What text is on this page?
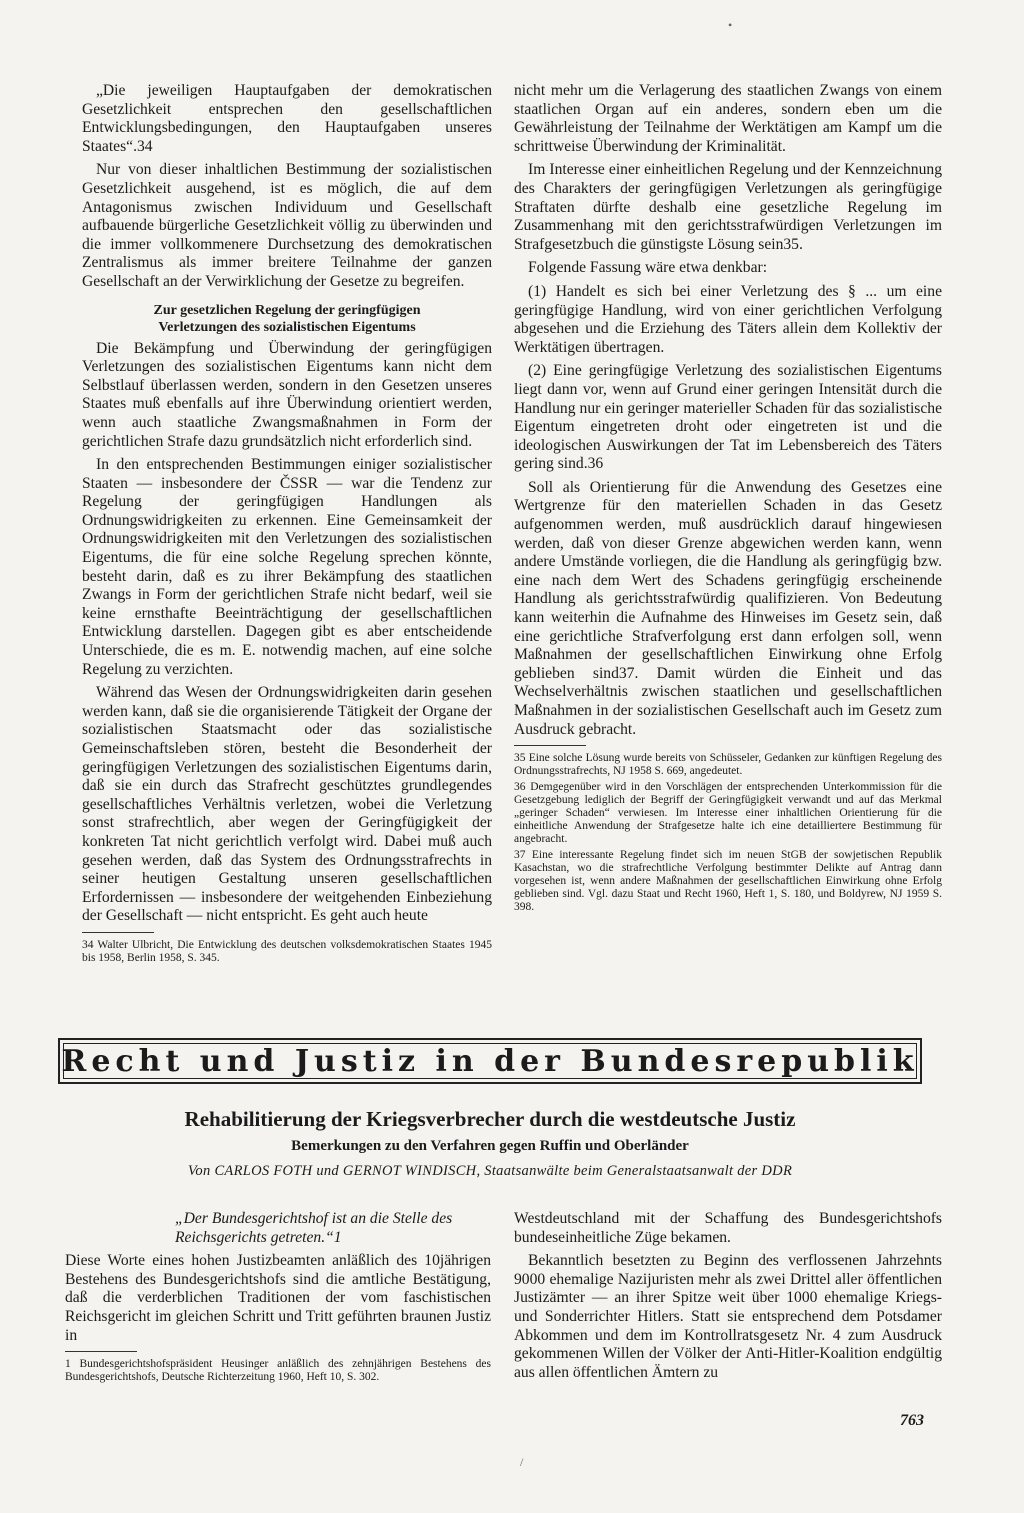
•

„Die jeweiligen Hauptaufgaben der demokratischen Gesetzlichkeit entsprechen den gesellschaftlichen Entwicklungsbedingungen, den Hauptaufgaben unseres Staates“.34

Nur von dieser inhaltlichen Bestimmung der sozialistischen Gesetzlichkeit ausgehend, ist es möglich, die auf dem Antagonismus zwischen Individuum und Gesellschaft aufbauende bürgerliche Gesetzlichkeit völlig zu überwinden und die immer vollkommenere Durchsetzung des demokratischen Zentralismus als immer breitere Teilnahme der ganzen Gesellschaft an der Verwirklichung der Gesetze zu begreifen.

Zur gesetzlichen Regelung der geringfügigen
Verletzungen des sozialistischen Eigentums

Die Bekämpfung und Überwindung der geringfügigen Verletzungen des sozialistischen Eigentums kann nicht dem Selbstlauf überlassen werden, sondern in den Gesetzen unseres Staates muß ebenfalls auf ihre Überwindung orientiert werden, wenn auch staatliche Zwangsmaßnahmen in Form der gerichtlichen Strafe dazu grundsätzlich nicht erforderlich sind.

In den entsprechenden Bestimmungen einiger sozialistischer Staaten — insbesondere der ČSSR — war die Tendenz zur Regelung der geringfügigen Handlungen als Ordnungswidrigkeiten zu erkennen. Eine Gemeinsamkeit der Ordnungswidrigkeiten mit den Verletzungen des sozialistischen Eigentums, die für eine solche Regelung sprechen könnte, besteht darin, daß es zu ihrer Bekämpfung des staatlichen Zwangs in Form der gerichtlichen Strafe nicht bedarf, weil sie keine ernsthafte Beeinträchtigung der gesellschaftlichen Entwicklung darstellen. Dagegen gibt es aber entscheidende Unterschiede, die es m. E. notwendig machen, auf eine solche Regelung zu verzichten.

Während das Wesen der Ordnungswidrigkeiten darin gesehen werden kann, daß sie die organisierende Tätigkeit der Organe der sozialistischen Staatsmacht oder das sozialistische Gemeinschaftsleben stören, besteht die Besonderheit der geringfügigen Verletzungen des sozialistischen Eigentums darin, daß sie ein durch das Strafrecht geschütztes grundlegendes gesellschaftliches Verhältnis verletzen, wobei die Verletzung sonst strafrechtlich, aber wegen der Geringfügigkeit der konkreten Tat nicht gerichtlich verfolgt wird. Dabei muß auch gesehen werden, daß das System des Ordnungsstrafrechts in seiner heutigen Gestaltung unseren gesellschaftlichen Erfordernissen — insbesondere der weitgehenden Einbeziehung der Gesellschaft — nicht entspricht. Es geht auch heute

34 Walter Ulbricht, Die Entwicklung des deutschen volksdemokratischen Staates 1945 bis 1958, Berlin 1958, S. 345.

nicht mehr um die Verlagerung des staatlichen Zwangs von einem staatlichen Organ auf ein anderes, sondern eben um die Gewährleistung der Teilnahme der Werktätigen am Kampf um die schrittweise Überwindung der Kriminalität.

Im Interesse einer einheitlichen Regelung und der Kennzeichnung des Charakters der geringfügigen Verletzungen als geringfügige Straftaten dürfte deshalb eine gesetzliche Regelung im Zusammenhang mit den gerichtsstrafwürdigen Verletzungen im Strafgesetzbuch die günstigste Lösung sein35.

Folgende Fassung wäre etwa denkbar:

(1) Handelt es sich bei einer Verletzung des § ... um eine geringfügige Handlung, wird von einer gerichtlichen Verfolgung abgesehen und die Erziehung des Täters allein dem Kollektiv der Werktätigen übertragen.

(2) Eine geringfügige Verletzung des sozialistischen Eigentums liegt dann vor, wenn auf Grund einer geringen Intensität durch die Handlung nur ein geringer materieller Schaden für das sozialistische Eigentum eingetreten droht oder eingetreten ist und die ideologischen Auswirkungen der Tat im Lebensbereich des Täters gering sind.36

Soll als Orientierung für die Anwendung des Gesetzes eine Wertgrenze für den materiellen Schaden in das Gesetz aufgenommen werden, muß ausdrücklich darauf hingewiesen werden, daß von dieser Grenze abgewichen werden kann, wenn andere Umstände vorliegen, die die Handlung als geringfügig bzw. eine nach dem Wert des Schadens geringfügig erscheinende Handlung als gerichtsstrafwürdig qualifizieren. Von Bedeutung kann weiterhin die Aufnahme des Hinweises im Gesetz sein, daß eine gerichtliche Strafverfolgung erst dann erfolgen soll, wenn Maßnahmen der gesellschaftlichen Einwirkung ohne Erfolg geblieben sind37. Damit würden die Einheit und das Wechselverhältnis zwischen staatlichen und gesellschaftlichen Maßnahmen in der sozialistischen Gesellschaft auch im Gesetz zum Ausdruck gebracht.

35 Eine solche Lösung wurde bereits von Schüsseler, Gedanken zur künftigen Regelung des Ordnungsstrafrechts, NJ 1958 S. 669, angedeutet.

36 Demgegenüber wird in den Vorschlägen der entsprechenden Unterkommission für die Gesetzgebung lediglich der Begriff der Geringfügigkeit verwandt und auf das Merkmal „geringer Schaden“ verwiesen. Im Interesse einer inhaltlichen Orientierung für die einheitliche Anwendung der Strafgesetze halte ich eine detailliertere Bestimmung für angebracht.

37 Eine interessante Regelung findet sich im neuen StGB der sowjetischen Republik Kasachstan, wo die strafrechtliche Verfolgung bestimmter Delikte auf Antrag dann vorgesehen ist, wenn andere Maßnahmen der gesellschaftlichen Einwirkung ohne Erfolg geblieben sind. Vgl. dazu Staat und Recht 1960, Heft 1, S. 180, und Boldyrew, NJ 1959 S. 398.

Recht und Justiz in der Bundesrepublik
Rehabilitierung der Kriegsverbrecher durch die westdeutsche Justiz
Bemerkungen zu den Verfahren gegen Ruffin und Oberländer
Von CARLOS FOTH und GERNOT WINDISCH, Staatsanwälte beim Generalstaatsanwalt der DDR

„Der Bundesgerichtshof ist an die Stelle des Reichsgerichts getreten.“1

Diese Worte eines hohen Justizbeamten anläßlich des 10jährigen Bestehens des Bundesgerichtshofs sind die amtliche Bestätigung, daß die verderblichen Traditionen der vom faschistischen Reichsgericht im gleichen Schritt und Tritt geführten braunen Justiz in

1 Bundesgerichtshofspräsident Heusinger anläßlich des zehnjährigen Bestehens des Bundesgerichtshofs, Deutsche Richterzeitung 1960, Heft 10, S. 302.

Westdeutschland mit der Schaffung des Bundesgerichtshofs bundeseinheitliche Züge bekamen.

Bekanntlich besetzten zu Beginn des verflossenen Jahrzehnts 9000 ehemalige Nazijuristen mehr als zwei Drittel aller öffentlichen Justizämter — an ihrer Spitze weit über 1000 ehemalige Kriegs- und Sonderrichter Hitlers. Statt sie entsprechend dem Potsdamer Abkommen und dem im Kontrollratsgesetz Nr. 4 zum Ausdruck gekommenen Willen der Völker der Anti-Hitler-Koalition endgültig aus allen öffentlichen Ämtern zu

763
/
